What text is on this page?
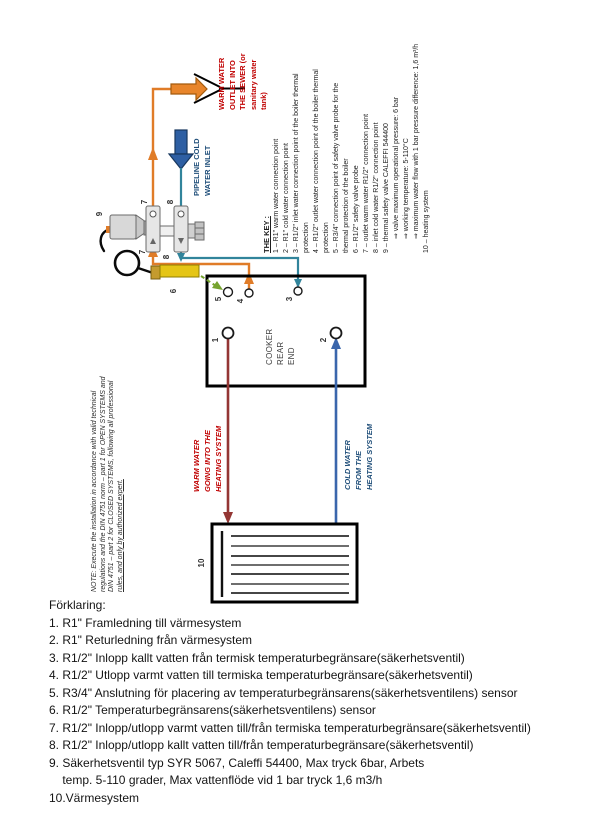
WARM WATER OUTLET INTO THE SEWER (or sanitary water tank)
PIPELINE COLD WATER INLET
THE KEY : 1 – R1" warm water connection point 2 – R1" cold water connection point 3 – R1/2" inlet water connection point of the boiler thermal protection 4 – R1/2" outlet water connection point of the boiler thermal protection 5 – R3/4" connection point of safety valve probe for the thermal protection of the boiler 6 – R1/2" safety valve probe 7 – outlet warm water R1/2" connection point 8 – inlet cold water R1/2" connection point 9 – thermal safety valve CALEFFI 544400 ⇒ valve maximum operational pressure: 6 bar ⇒ working temperature: 5-110°C ⇒ maximum water flow with 1 bar pressure difference: 1,6 m³/h 10 – heating system
NOTE: Execute the installation in accordance with valid technical regulations and the DIN 4751 norm – part 1 for OPEN SYSTEMS and DIN 4751 – part 2 for CLOSED SYSTEMS, following all professional rules, and only by authorized expert.
WARM WATER GOING INTO THE HEATING SYSTEM	COLD WATER FROM THE HEATING SYSTEM
COOKER REAR END
9
7 8
7
8
6
5 4	3
1	2
10
Förklaring:
1. R1" Framledning till värmesystem
2. R1" Returledning från värmesystem
3. R1/2" Inlopp kallt vatten från termisk temperaturbegränsare(säkerhetsventil)
4. R1/2" Utlopp varmt vatten till termiska temperaturbegränsare(säkerhetsventil)
5. R3/4" Anslutning för placering av temperaturbegränsarens(säkerhetsventilens) sensor
6. R1/2" Temperaturbegränsarens(säkerhetsventilens) sensor
7. R1/2" Inlopp/utlopp varmt vatten till/från termiska temperaturbegränsare(säkerhetsventil)
8. R1/2" Inlopp/utlopp kallt vatten till/från temperaturbegränsare(säkerhetsventil)
9. Säkerhetsventil typ SYR 5067, Caleffi 54400, Max tryck 6bar, Arbets
temp. 5-110 grader, Max vattenflöde vid 1 bar tryck 1,6 m3/h
10.Värmesystem
